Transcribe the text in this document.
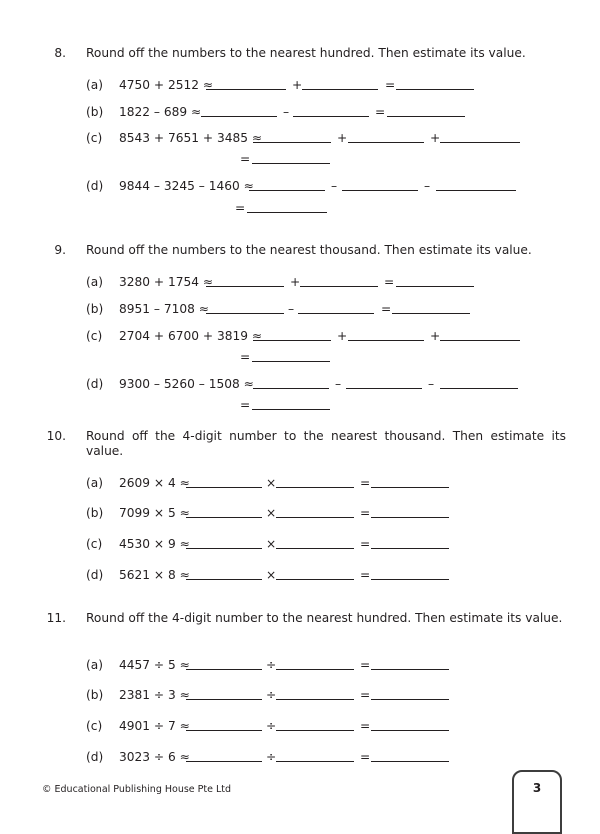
8. Round off the numbers to the nearest hundred. Then estimate its value.
(a) 4750 + 2512 ≈	+	=
(b) 1822 – 689 ≈	–	=
(c) 8543 + 7651 + 3485 ≈	+	+
=
(d) 9844 – 3245 – 1460 ≈	–	–
=
9. Round off the numbers to the nearest thousand. Then estimate its value.
(a) 3280 + 1754 ≈	+	=
(b) 8951 – 7108 ≈	–	=
(c) 2704 + 6700 + 3819 ≈	+	+
=
(d) 9300 – 5260 – 1508 ≈	–	–
=
10. Round off the 4-digit number to the nearest thousand. Then estimate its value.
(a) 2609 × 4 ≈	×	=
(b) 7099 × 5 ≈	×	=
(c) 4530 × 9 ≈	×	=
(d) 5621 × 8 ≈	×	=
11. Round off the 4-digit number to the nearest hundred. Then estimate its value.
(a) 4457 ÷ 5 ≈	÷	=
(b) 2381 ÷ 3 ≈	÷	=
(c) 4901 ÷ 7 ≈	÷	=
(d) 3023 ÷ 6 ≈	÷	=
© Educational Publishing House Pte Ltd	3
